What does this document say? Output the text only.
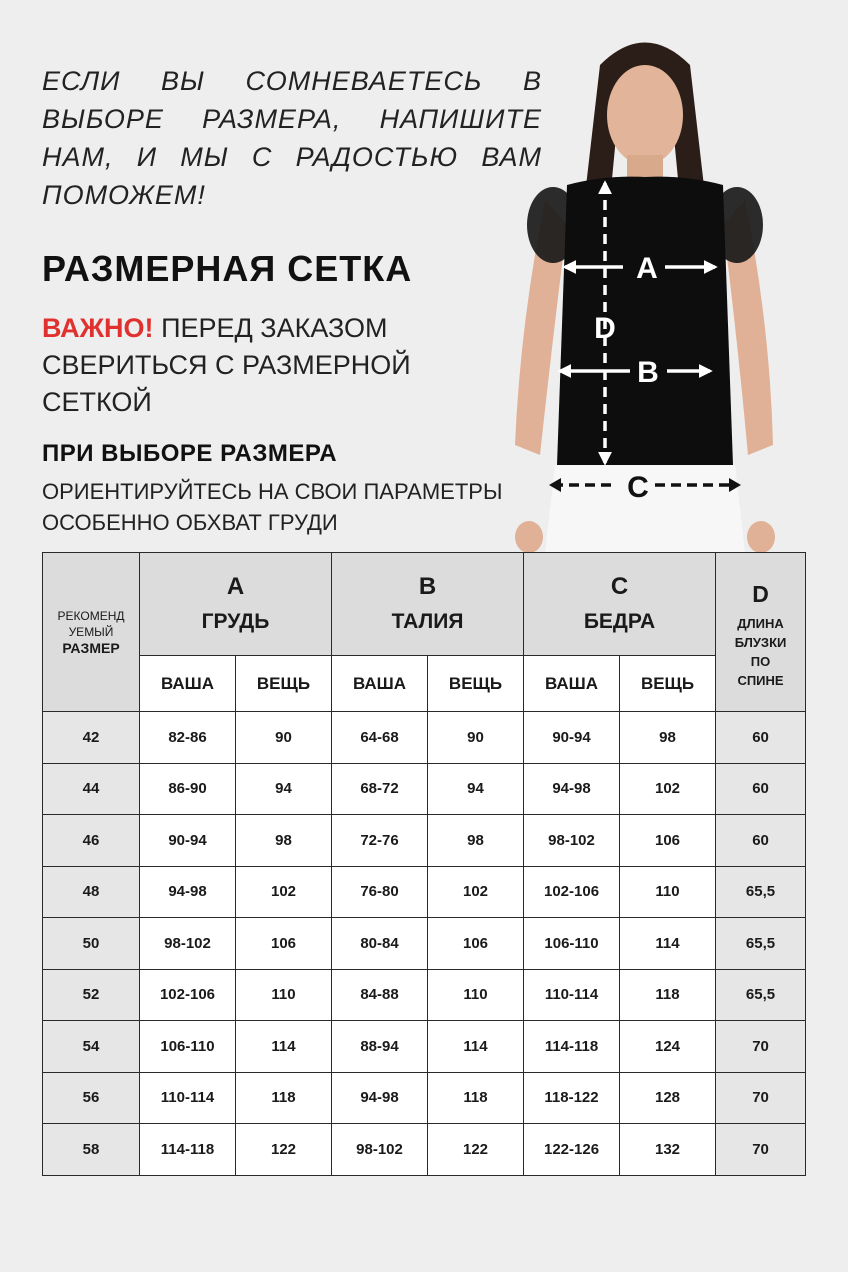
ЕСЛИ ВЫ СОМНЕВАЕТЕСЬ В ВЫБОРЕ РАЗМЕРА, НАПИШИТЕ НАМ, И МЫ С РАДОСТЬЮ ВАМ ПОМОЖЕМ!
РАЗМЕРНАЯ СЕТКА
ВАЖНО! ПЕРЕД ЗАКАЗОМ СВЕРИТЬСЯ С РАЗМЕРНОЙ СЕТКОЙ
ПРИ ВЫБОРЕ РАЗМЕРА
ОРИЕНТИРУЙТЕСЬ НА СВОИ ПАРАМЕТРЫ ОСОБЕННО ОБХВАТ ГРУДИ
A
D
B
C
РЕКОМЕНД
УЕМЫЙ
РАЗМЕР	A
ГРУДЬ		B
ТАЛИЯ		C
БЕДРА		D
ДЛИНА
БЛУЗКИ
ПО
СПИНЕ
	ВАША	ВЕЩЬ	ВАША	ВЕЩЬ	ВАША	ВЕЩЬ	
42	82-86	90	64-68	90	90-94	98	60
44	86-90	94	68-72	94	94-98	102	60
46	90-94	98	72-76	98	98-102	106	60
48	94-98	102	76-80	102	102-106	110	65,5
50	98-102	106	80-84	106	106-110	114	65,5
52	102-106	110	84-88	110	110-114	118	65,5
54	106-110	114	88-94	114	114-118	124	70
56	110-114	118	94-98	118	118-122	128	70
58	114-118	122	98-102	122	122-126	132	70
